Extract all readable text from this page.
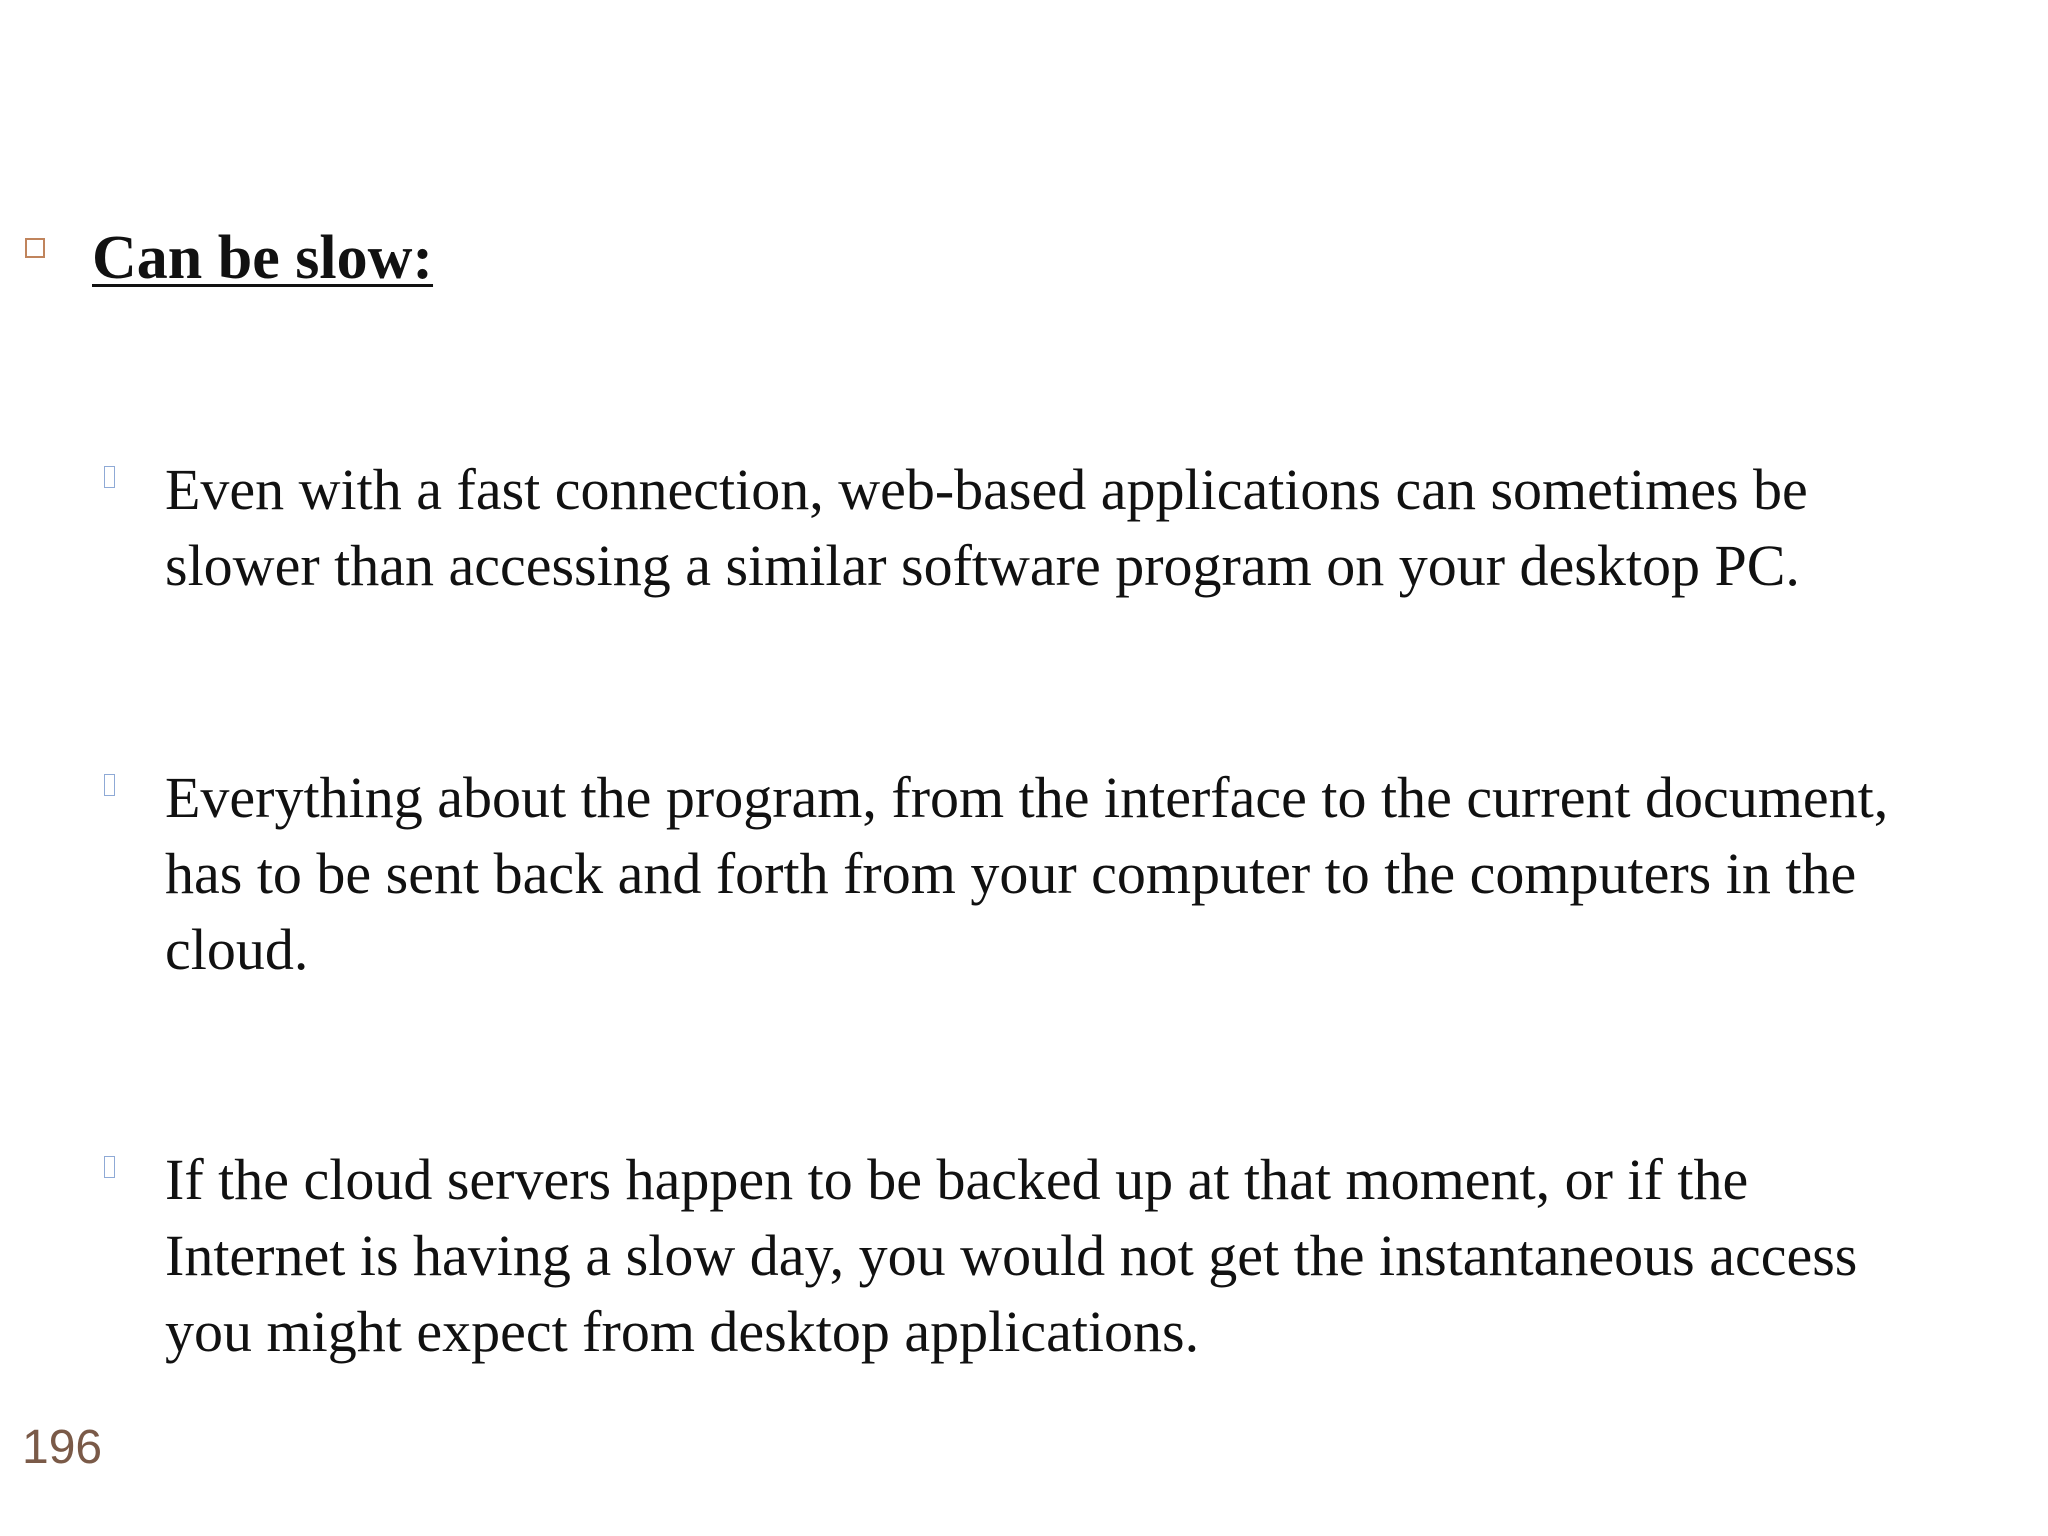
Can be slow:
Even with a fast connection, web-based applications can sometimes be
slower than accessing a similar software program on your desktop PC.
Everything about the program, from the interface to the current document,
has to be sent back and forth from your computer to the computers in the
cloud.
If the cloud servers happen to be backed up at that moment, or if the
Internet is having a slow day, you would not get the instantaneous access
you might expect from desktop applications.
196
